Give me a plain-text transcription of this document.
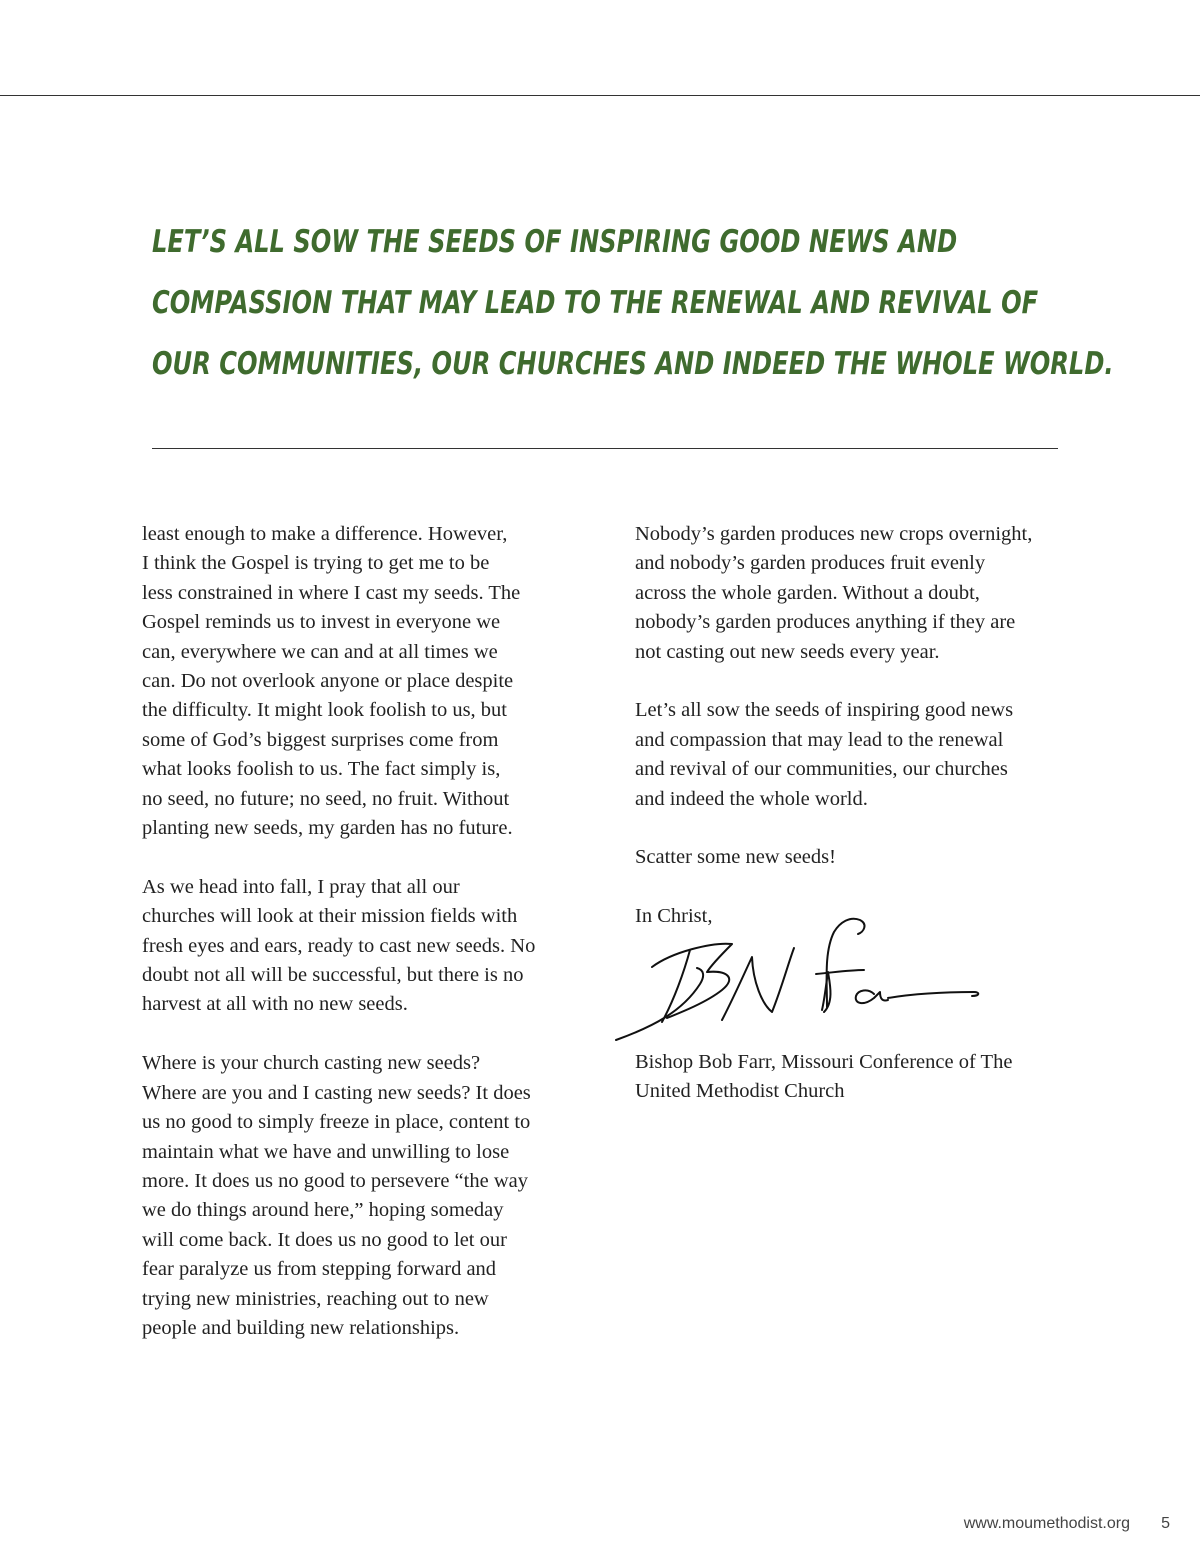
LET’S ALL SOW THE SEEDS OF INSPIRING GOOD NEWS AND
COMPASSION THAT MAY LEAD TO THE RENEWAL AND REVIVAL OF
OUR COMMUNITIES, OUR CHURCHES AND INDEED THE WHOLE WORLD.

least enough to make a difference. However,
I think the Gospel is trying to get me to be
less constrained in where I cast my seeds. The
Gospel reminds us to invest in everyone we
can, everywhere we can and at all times we
can. Do not overlook anyone or place despite
the difficulty. It might look foolish to us, but
some of God’s biggest surprises come from
what looks foolish to us. The fact simply is,
no seed, no future; no seed, no fruit. Without
planting new seeds, my garden has no future.

As we head into fall, I pray that all our
churches will look at their mission fields with
fresh eyes and ears, ready to cast new seeds. No
doubt not all will be successful, but there is no
harvest at all with no new seeds.

Where is your church casting new seeds?
Where are you and I casting new seeds? It does
us no good to simply freeze in place, content to
maintain what we have and unwilling to lose
more. It does us no good to persevere “the way
we do things around here,” hoping someday
will come back. It does us no good to let our
fear paralyze us from stepping forward and
trying new ministries, reaching out to new
people and building new relationships.

Nobody’s garden produces new crops overnight,
and nobody’s garden produces fruit evenly
across the whole garden. Without a doubt,
nobody’s garden produces anything if they are
not casting out new seeds every year.

Let’s all sow the seeds of inspiring good news
and compassion that may lead to the renewal
and revival of our communities, our churches
and indeed the whole world.

Scatter some new seeds!

In Christ,

Bishop Bob Farr, Missouri Conference of The
United Methodist Church
www.moumethodist.org 5
